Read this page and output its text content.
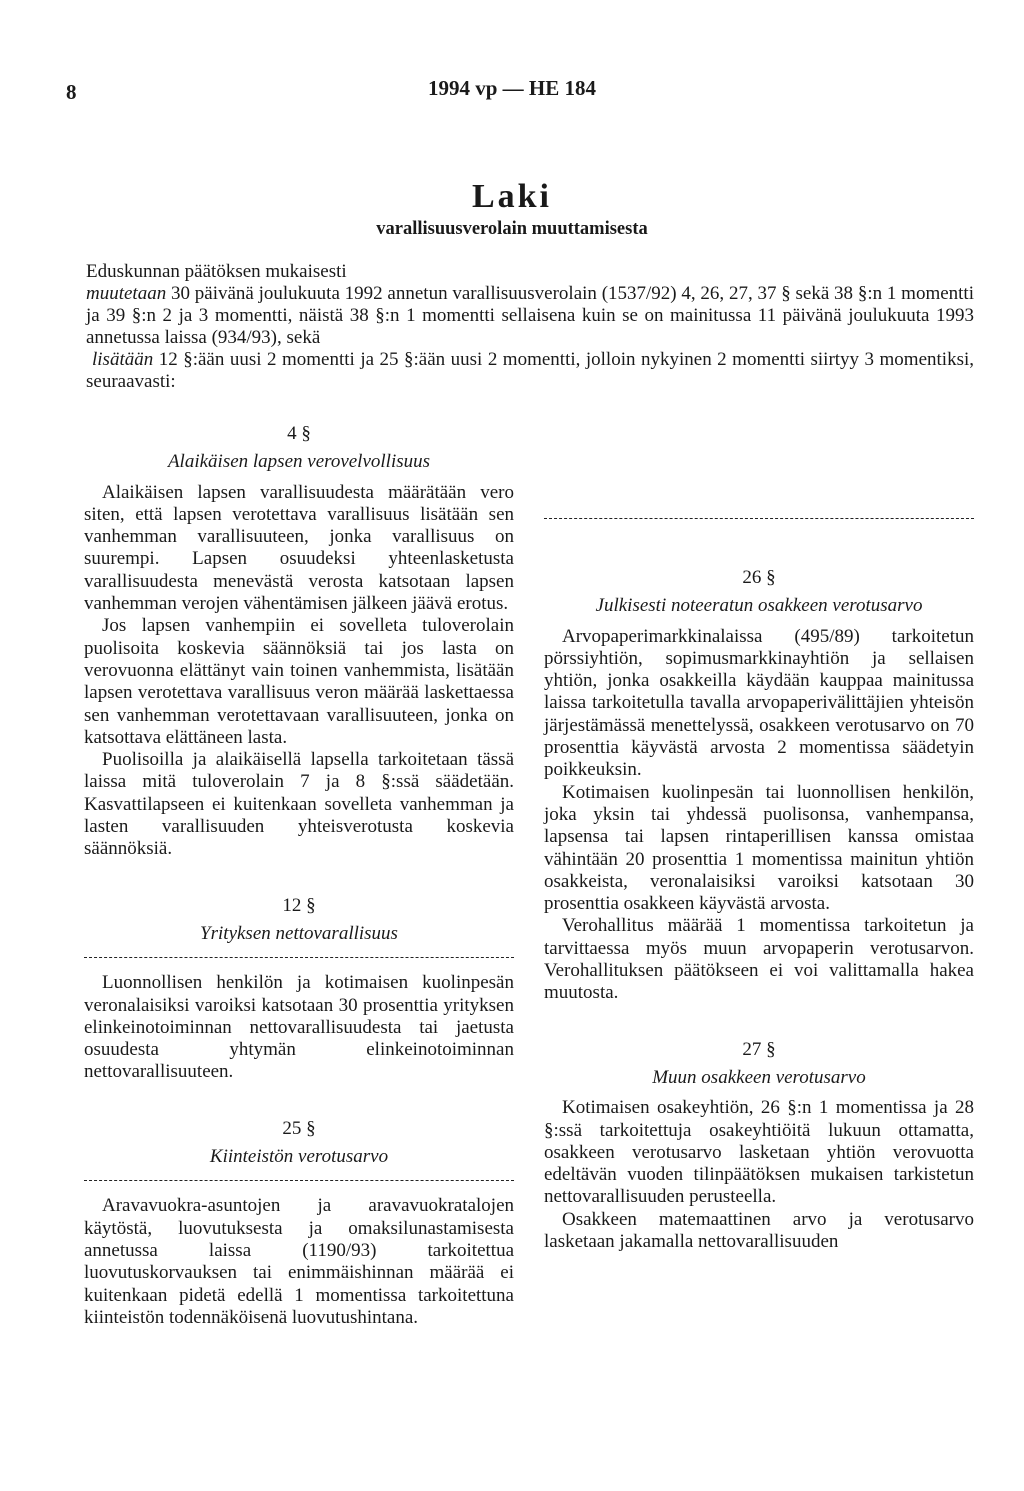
8	1994 vp — HE 184
Laki
varallisuusverolain muuttamisesta

Eduskunnan päätöksen mukaisesti

muutetaan 30 päivänä joulukuuta 1992 annetun varallisuusverolain (1537/92) 4, 26, 27, 37 § sekä 38 §:n 1 momentti ja 39 §:n 2 ja 3 momentti, näistä 38 §:n 1 momentti sellaisena kuin se on mainitussa 11 päivänä joulukuuta 1993 annetussa laissa (934/93), sekä

lisätään 12 §:ään uusi 2 momentti ja 25 §:ään uusi 2 momentti, jolloin nykyinen 2 momentti siirtyy 3 momentiksi, seuraavasti:

4 §
Alaikäisen lapsen verovelvollisuus

Alaikäisen lapsen varallisuudesta määrätään vero siten, että lapsen verotettava varallisuus lisätään sen vanhemman varallisuuteen, jonka varallisuus on suurempi. Lapsen osuudeksi yhteenlasketusta varallisuudesta menevästä verosta katsotaan lapsen vanhemman verojen vähentämisen jälkeen jäävä erotus.

Jos lapsen vanhempiin ei sovelleta tuloverolain puolisoita koskevia säännöksiä tai jos lasta on verovuonna elättänyt vain toinen vanhemmista, lisätään lapsen verotettava varallisuus veron määrää laskettaessa sen vanhemman verotettavaan varallisuuteen, jonka on katsottava elättäneen lasta.

Puolisoilla ja alaikäisellä lapsella tarkoitetaan tässä laissa mitä tuloverolain 7 ja 8 §:ssä säädetään. Kasvattilapseen ei kuitenkaan sovelleta vanhemman ja lasten varallisuuden yhteisverotusta koskevia säännöksiä.

12 §
Yrityksen nettovarallisuus

Luonnollisen henkilön ja kotimaisen kuolinpesän veronalaisiksi varoiksi katsotaan 30 prosenttia yrityksen elinkeinotoiminnan nettovarallisuudesta tai jaetusta osuudesta yhtymän elinkeinotoiminnan nettovarallisuuteen.

25 §
Kiinteistön verotusarvo

Aravavuokra-asuntojen ja aravavuokratalojen käytöstä, luovutuksesta ja omaksilunastamisesta annetussa laissa (1190/93) tarkoitettua luovutuskorvauksen tai enimmäishinnan määrää ei kuitenkaan pidetä edellä 1 momentissa tarkoitettuna kiinteistön todennäköisenä luovutushintana.

26 §
Julkisesti noteeratun osakkeen verotusarvo

Arvopaperimarkkinalaissa (495/89) tarkoitetun pörssiyhtiön, sopimusmarkkinayhtiön ja sellaisen yhtiön, jonka osakkeilla käydään kauppaa mainitussa laissa tarkoitetulla tavalla arvopaperivälittäjien yhteisön järjestämässä menettelyssä, osakkeen verotusarvo on 70 prosenttia käyvästä arvosta 2 momentissa säädetyin poikkeuksin.

Kotimaisen kuolinpesän tai luonnollisen henkilön, joka yksin tai yhdessä puolisonsa, vanhempansa, lapsensa tai lapsen rintaperillisen kanssa omistaa vähintään 20 prosenttia 1 momentissa mainitun yhtiön osakkeista, veronalaisiksi varoiksi katsotaan 30 prosenttia osakkeen käyvästä arvosta.

Verohallitus määrää 1 momentissa tarkoitetun ja tarvittaessa myös muun arvopaperin verotusarvon. Verohallituksen päätökseen ei voi valittamalla hakea muutosta.

27 §
Muun osakkeen verotusarvo

Kotimaisen osakeyhtiön, 26 §:n 1 momentissa ja 28 §:ssä tarkoitettuja osakeyhtiöitä lukuun ottamatta, osakkeen verotusarvo lasketaan yhtiön verovuotta edeltävän vuoden tilinpäätöksen mukaisen tarkistetun nettovarallisuuden perusteella.

Osakkeen matemaattinen arvo ja verotusarvo lasketaan jakamalla nettovarallisuuden
